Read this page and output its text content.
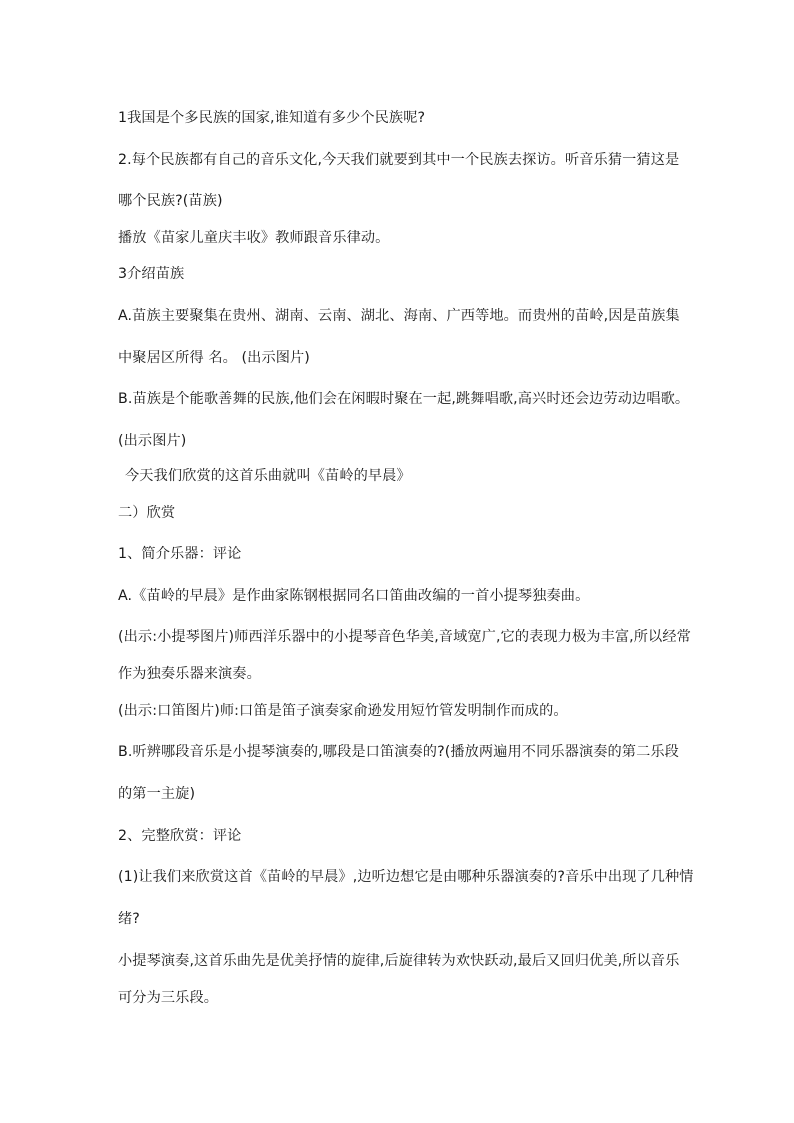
1我国是个多民族的国家,谁知道有多少个民族呢?
2.每个民族都有自己的音乐文化,今天我们就要到其中一个民族去探访。听音乐猜一猜这是
哪个民族?(苗族)
播放《苗家儿童庆丰收》教师跟音乐律动。
3介绍苗族
A.苗族主要聚集在贵州、湖南、云南、湖北、海南、广西等地。而贵州的苗岭,因是苗族集
中聚居区所得 名。 (出示图片)
B.苗族是个能歌善舞的民族,他们会在闲暇时聚在一起,跳舞唱歌,高兴时还会边劳动边唱歌。
(出示图片)
今天我们欣赏的这首乐曲就叫《苗岭的早晨》
二）欣赏
1、简介乐器：评论
A.《苗岭的早晨》是作曲家陈钢根据同名口笛曲改编的一首小提琴独奏曲。
(出示:小提琴图片)师西洋乐器中的小提琴音色华美,音域宽广,它的表现力极为丰富,所以经常
作为独奏乐器来演奏。
(出示:口笛图片)师:口笛是笛子演奏家俞逊发用短竹管发明制作而成的。
B.听辨哪段音乐是小提琴演奏的,哪段是口笛演奏的?(播放两遍用不同乐器演奏的第二乐段
的第一主旋)
2、完整欣赏：评论
(1)让我们来欣赏这首《苗岭的早晨》,边听边想它是由哪种乐器演奏的?音乐中出现了几种情
绪?
小提琴演奏,这首乐曲先是优美抒情的旋律,后旋律转为欢快跃动,最后又回归优美,所以音乐
可分为三乐段。
